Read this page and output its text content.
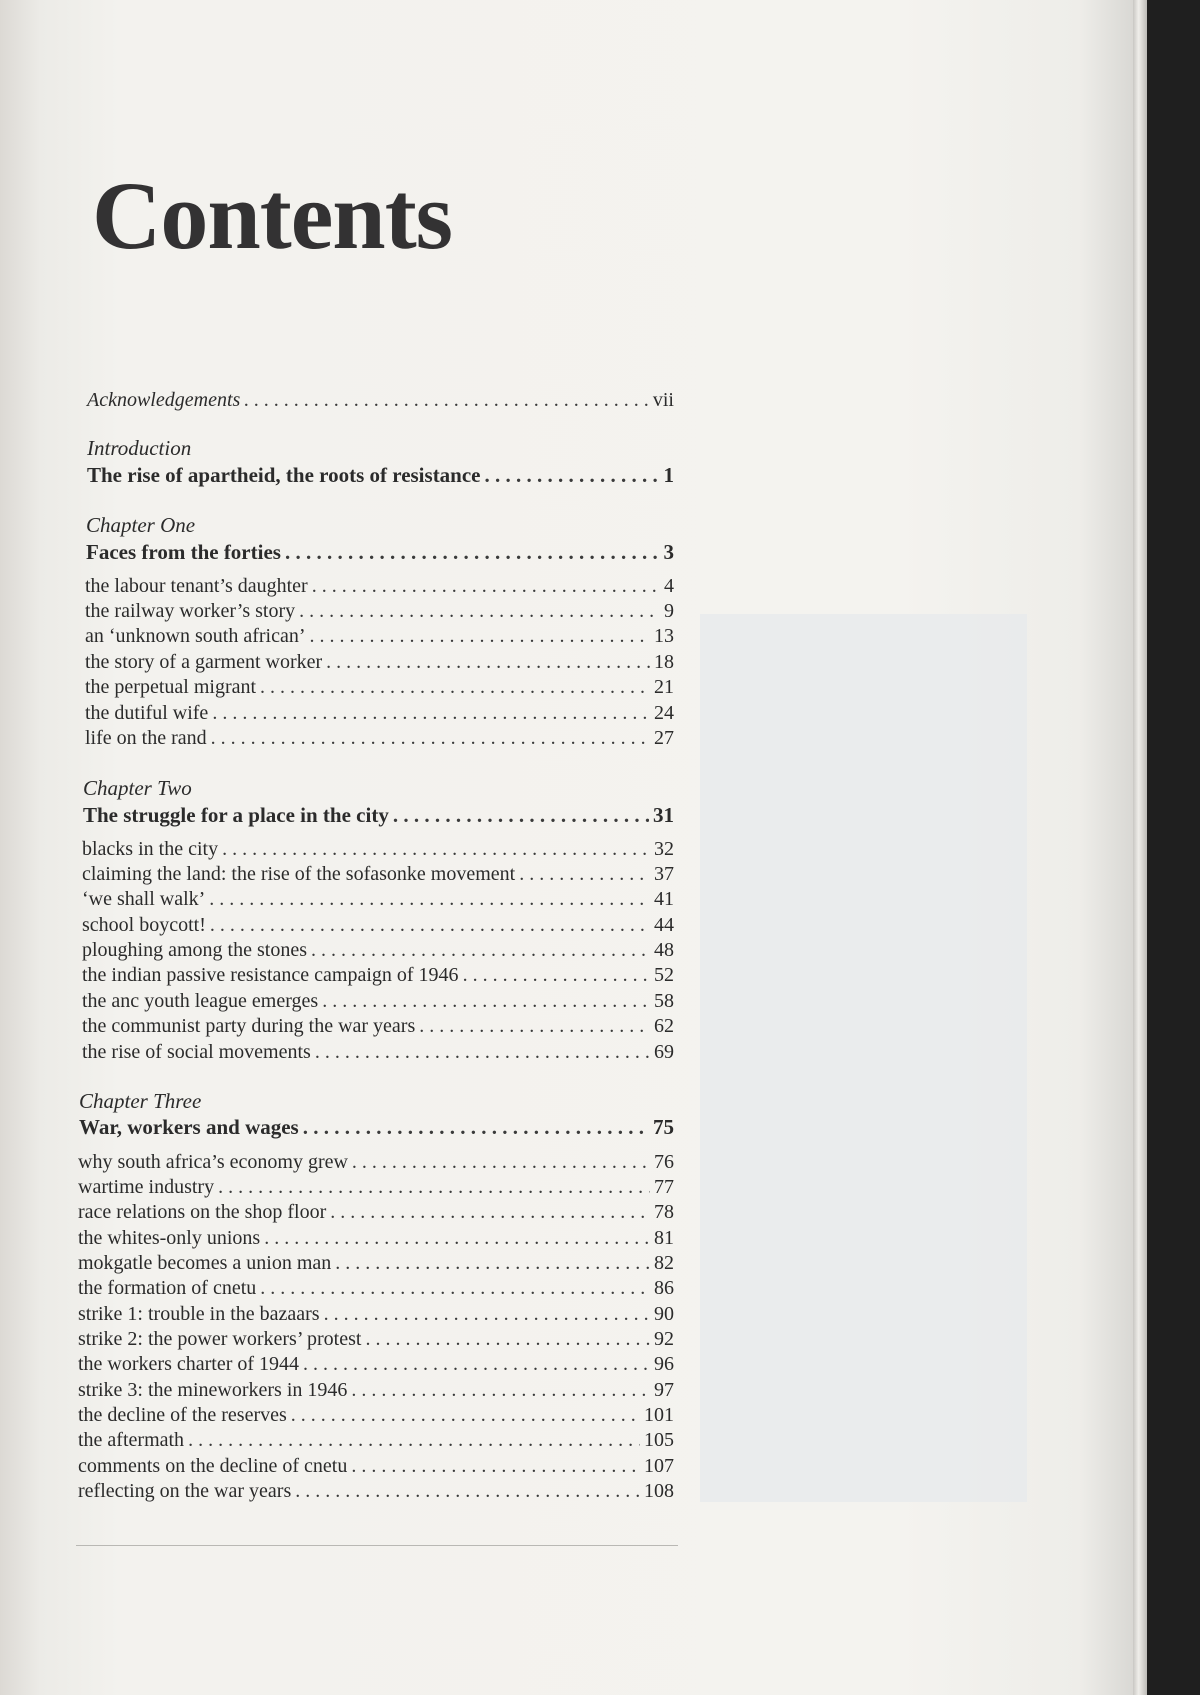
Contents
Acknowledgements . . .	vii
Introduction
The rise of apartheid, the roots of resistance . . .	1
Chapter One
Faces from the forties . . .	3
the labour tenant’s daughter . . .	4
the railway worker’s story . . .	9
an ‘unknown south african’ . . .	13
the story of a garment worker . . .	18
the perpetual migrant . . .	21
the dutiful wife . . .	24
life on the rand . . .	27
Chapter Two
The struggle for a place in the city . . .	31
blacks in the city . . .	32
claiming the land: the rise of the sofasonke movement . . .	37
‘we shall walk’ . . .	41
school boycott! . . .	44
ploughing among the stones . . .	48
the indian passive resistance campaign of 1946 . . .	52
the anc youth league emerges . . .	58
the communist party during the war years . . .	62
the rise of social movements . . .	69
Chapter Three
War, workers and wages . . .	75
why south africa’s economy grew . . .	76
wartime industry . . .	77
race relations on the shop floor . . .	78
the whites-only unions . . .	81
mokgatle becomes a union man . . .	82
the formation of cnetu . . .	86
strike 1: trouble in the bazaars . . .	90
strike 2: the power workers’ protest . . .	92
the workers charter of 1944 . . .	96
strike 3: the mineworkers in 1946 . . .	97
the decline of the reserves . . .	101
the aftermath . . .	105
comments on the decline of cnetu . . .	107
reflecting on the war years . . .	108
